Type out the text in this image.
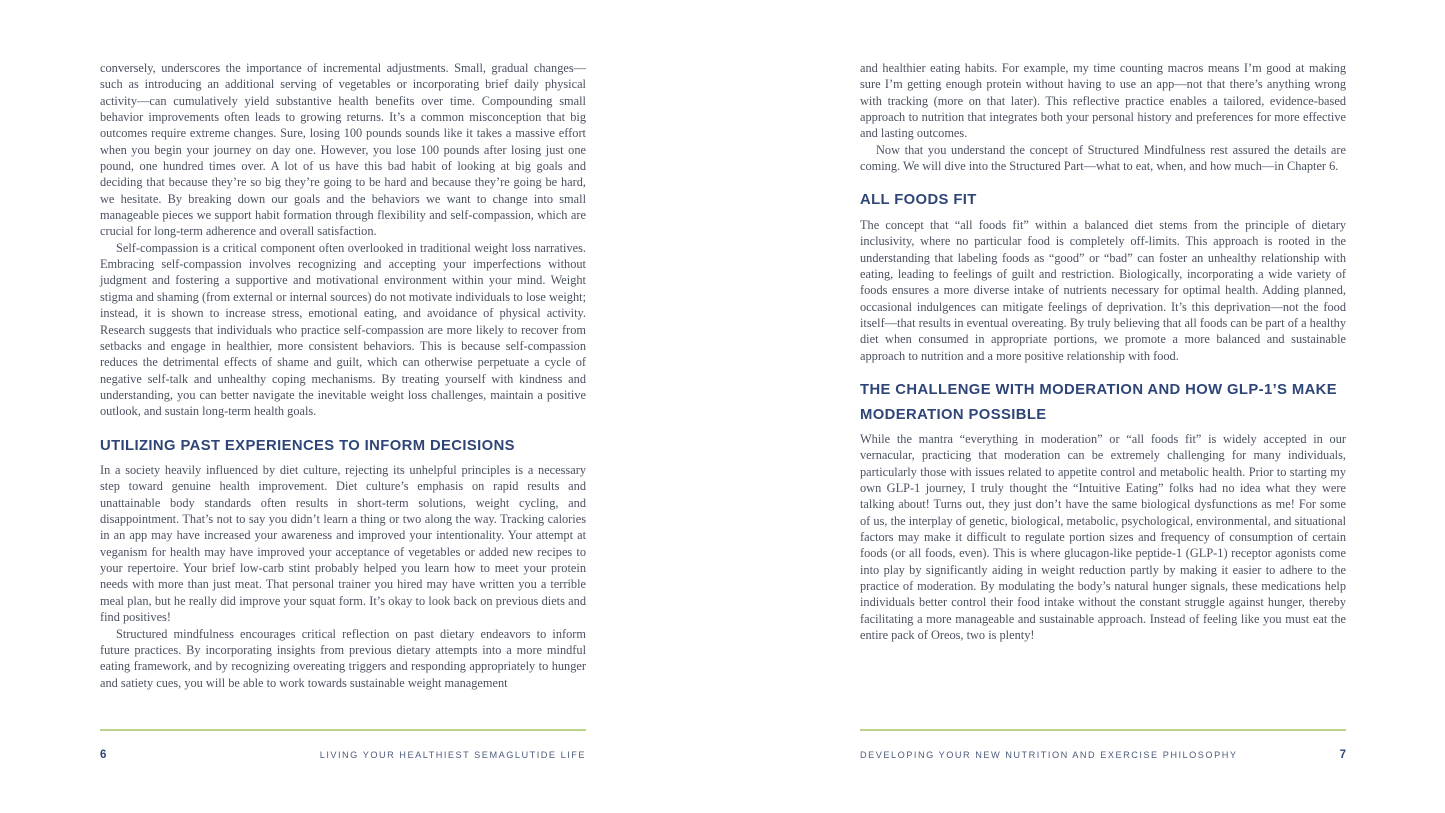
conversely, underscores the importance of incremental adjustments. Small, gradual changes—such as introducing an additional serving of vegetables or incorporating brief daily physical activity—can cumulatively yield substantive health benefits over time. Compounding small behavior improvements often leads to growing returns. It’s a common misconception that big outcomes require extreme changes. Sure, losing 100 pounds sounds like it takes a massive effort when you begin your journey on day one. However, you lose 100 pounds after losing just one pound, one hundred times over. A lot of us have this bad habit of looking at big goals and deciding that because they’re so big they’re going to be hard and because they’re going be hard, we hesitate. By breaking down our goals and the behaviors we want to change into small manageable pieces we support habit formation through flexibility and self-compassion, which are crucial for long-term adherence and overall satisfaction.

Self-compassion is a critical component often overlooked in traditional weight loss narratives. Embracing self-compassion involves recognizing and accepting your imperfections without judgment and fostering a supportive and motivational environment within your mind. Weight stigma and shaming (from external or internal sources) do not motivate individuals to lose weight; instead, it is shown to increase stress, emotional eating, and avoidance of physical activity. Research suggests that individuals who practice self-compassion are more likely to recover from setbacks and engage in healthier, more consistent behaviors. This is because self-compassion reduces the detrimental effects of shame and guilt, which can otherwise perpetuate a cycle of negative self-talk and unhealthy coping mechanisms. By treating yourself with kindness and understanding, you can better navigate the inevitable weight loss challenges, maintain a positive outlook, and sustain long-term health goals.

UTILIZING PAST EXPERIENCES TO INFORM DECISIONS

In a society heavily influenced by diet culture, rejecting its unhelpful principles is a necessary step toward genuine health improvement. Diet culture’s emphasis on rapid results and unattainable body standards often results in short-term solutions, weight cycling, and disappointment. That’s not to say you didn’t learn a thing or two along the way. Tracking calories in an app may have increased your awareness and improved your intentionality. Your attempt at veganism for health may have improved your acceptance of vegetables or added new recipes to your repertoire. Your brief low-carb stint probably helped you learn how to meet your protein needs with more than just meat. That personal trainer you hired may have written you a terrible meal plan, but he really did improve your squat form. It’s okay to look back on previous diets and find positives!

Structured mindfulness encourages critical reflection on past dietary endeavors to inform future practices. By incorporating insights from previous dietary attempts into a more mindful eating framework, and by recognizing overeating triggers and responding appropriately to hunger and satiety cues, you will be able to work towards sustainable weight management

6	LIVING YOUR HEALTHIEST SEMAGLUTIDE LIFE

and healthier eating habits. For example, my time counting macros means I’m good at making sure I’m getting enough protein without having to use an app—not that there’s anything wrong with tracking (more on that later). This reflective practice enables a tailored, evidence-based approach to nutrition that integrates both your personal history and preferences for more effective and lasting outcomes.

Now that you understand the concept of Structured Mindfulness rest assured the details are coming. We will dive into the Structured Part—what to eat, when, and how much—in Chapter 6.

ALL FOODS FIT

The concept that “all foods fit” within a balanced diet stems from the principle of dietary inclusivity, where no particular food is completely off-limits. This approach is rooted in the understanding that labeling foods as “good” or “bad” can foster an unhealthy relationship with eating, leading to feelings of guilt and restriction. Biologically, incorporating a wide variety of foods ensures a more diverse intake of nutrients necessary for optimal health. Adding planned, occasional indulgences can mitigate feelings of deprivation. It’s this deprivation—not the food itself—that results in eventual overeating. By truly believing that all foods can be part of a healthy diet when consumed in appropriate portions, we promote a more balanced and sustainable approach to nutrition and a more positive relationship with food.

THE CHALLENGE WITH MODERATION AND HOW GLP-1’S MAKE MODERATION POSSIBLE

While the mantra “everything in moderation” or “all foods fit” is widely accepted in our vernacular, practicing that moderation can be extremely challenging for many individuals, particularly those with issues related to appetite control and metabolic health. Prior to starting my own GLP-1 journey, I truly thought the “Intuitive Eating” folks had no idea what they were talking about! Turns out, they just don’t have the same biological dysfunctions as me! For some of us, the interplay of genetic, biological, metabolic, psychological, environmental, and situational factors may make it difficult to regulate portion sizes and frequency of consumption of certain foods (or all foods, even). This is where glucagon-like peptide-1 (GLP-1) receptor agonists come into play by significantly aiding in weight reduction partly by making it easier to adhere to the practice of moderation. By modulating the body’s natural hunger signals, these medications help individuals better control their food intake without the constant struggle against hunger, thereby facilitating a more manageable and sustainable approach. Instead of feeling like you must eat the entire pack of Oreos, two is plenty!

DEVELOPING YOUR NEW NUTRITION AND EXERCISE PHILOSOPHY	7
